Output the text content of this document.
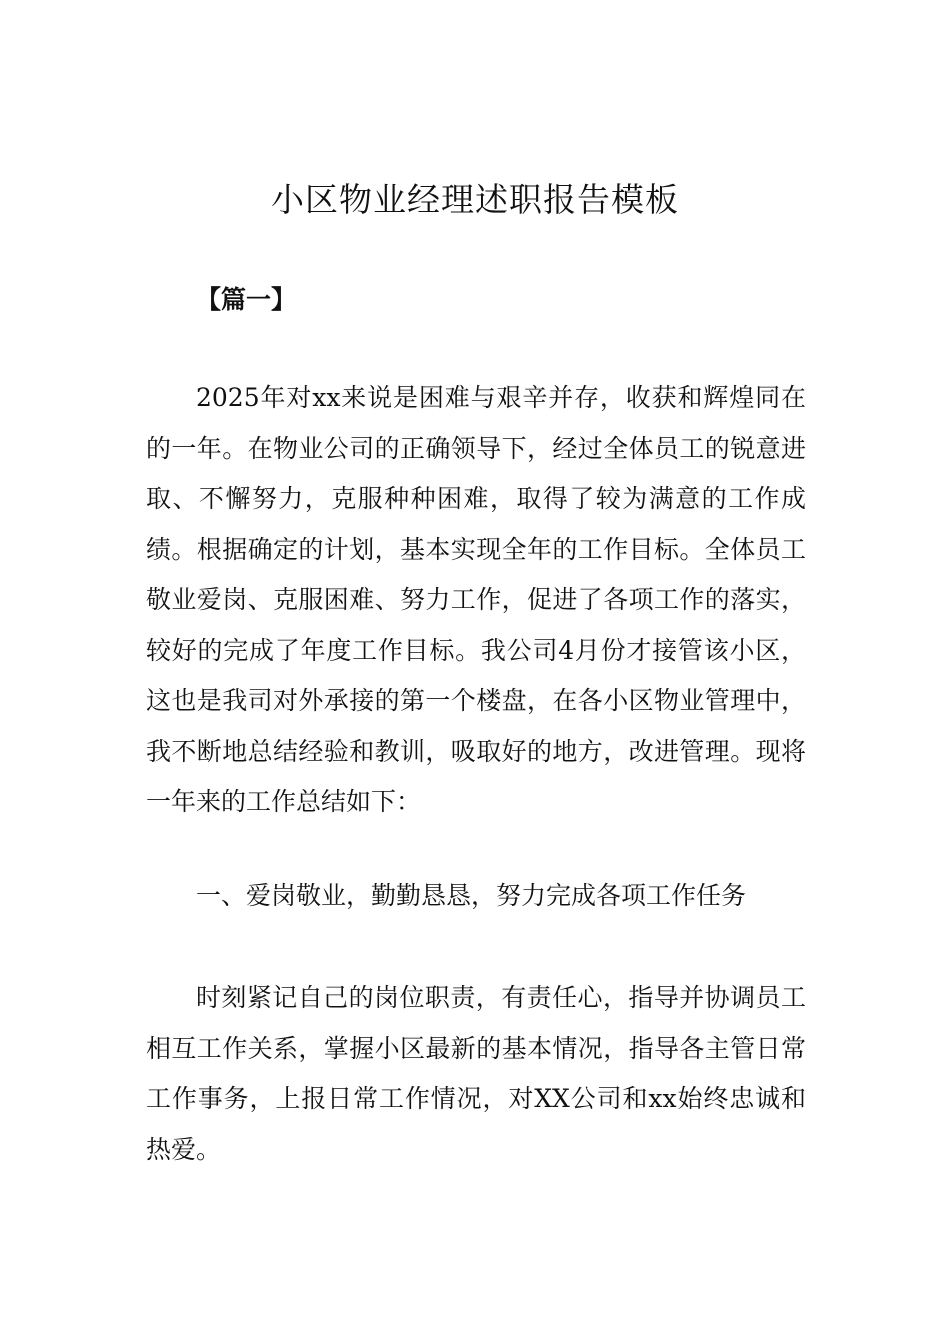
小区物业经理述职报告模板
【篇一】

2025年对xx来说是困难与艰辛并存，收获和辉煌同在的一年。在物业公司的正确领导下，经过全体员工的锐意进取、不懈努力，克服种种困难，取得了较为满意的工作成绩。根据确定的计划，基本实现全年的工作目标。全体员工敬业爱岗、克服困难、努力工作，促进了各项工作的落实，较好的完成了年度工作目标。我公司4月份才接管该小区，这也是我司对外承接的第一个楼盘，在各小区物业管理中，我不断地总结经验和教训，吸取好的地方，改进管理。现将一年来的工作总结如下：

一、爱岗敬业，勤勤恳恳，努力完成各项工作任务

时刻紧记自己的岗位职责，有责任心，指导并协调员工相互工作关系，掌握小区最新的基本情况，指导各主管日常工作事务，上报日常工作情况，对XX公司和xx始终忠诚和热爱。
